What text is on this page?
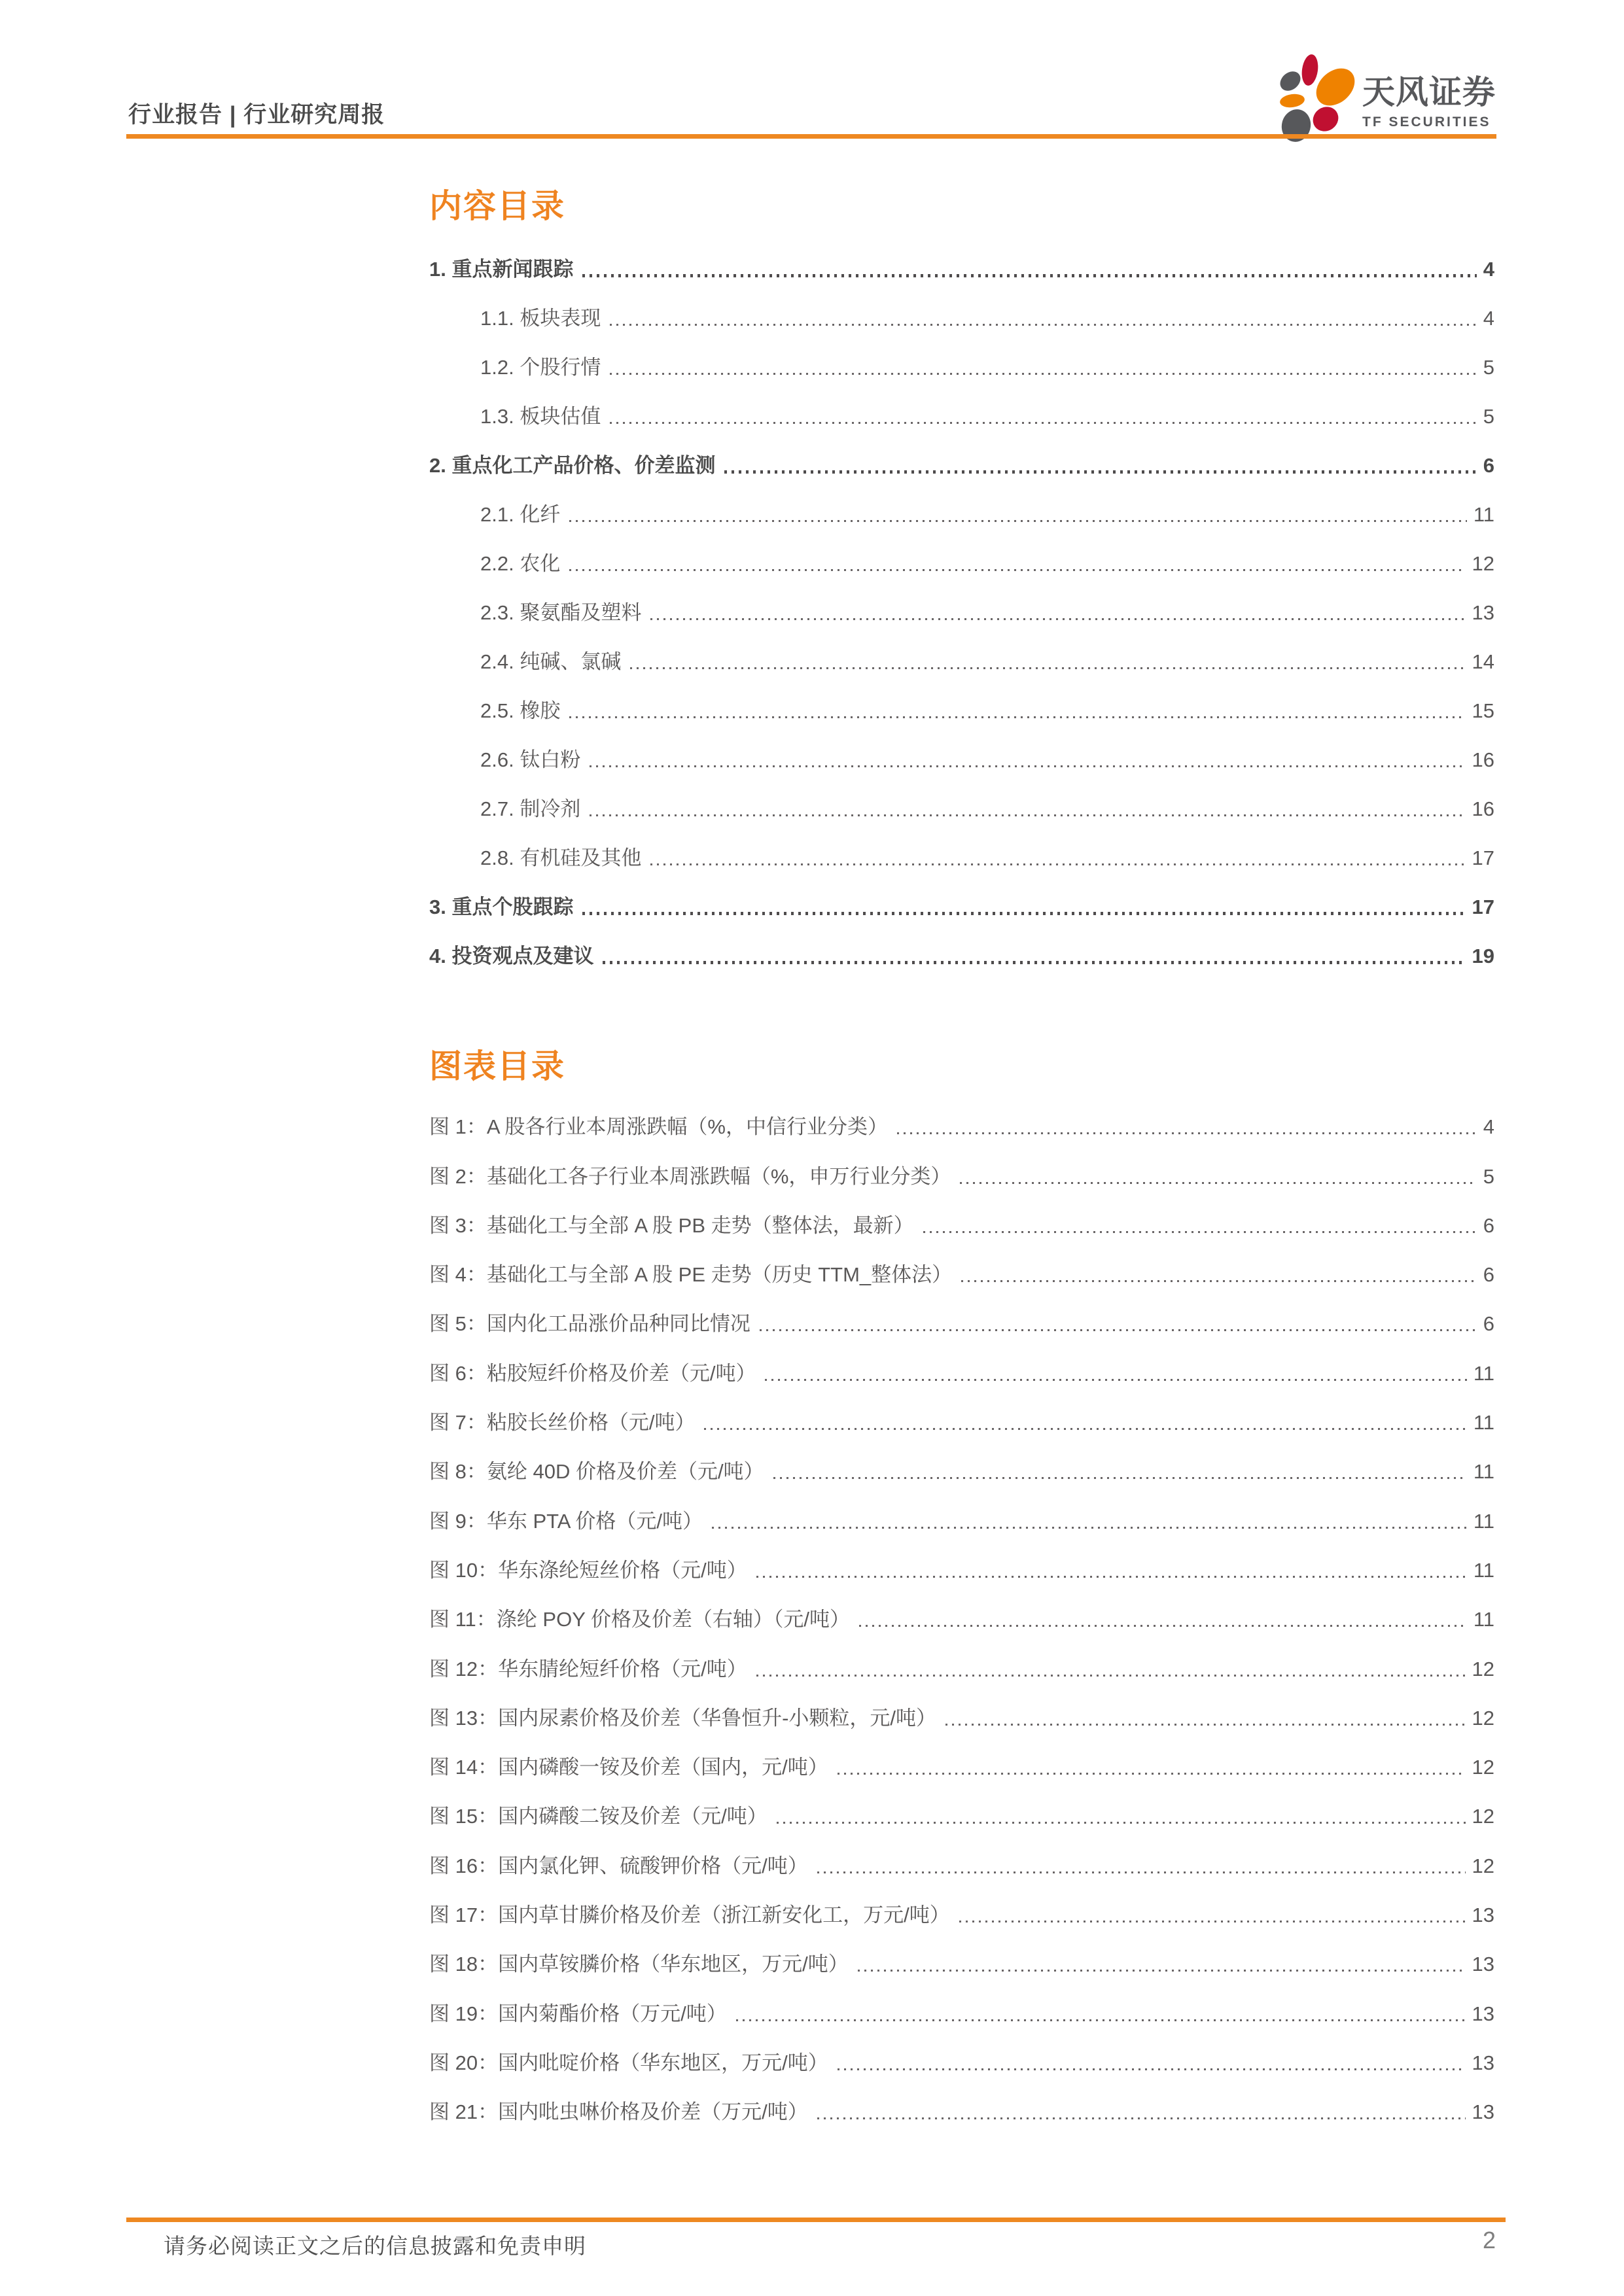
行业报告 | 行业研究周报
天风证券
TF SECURITIES
内容目录
1. 重点新闻跟踪	4
1.1. 板块表现	4
1.2. 个股行情	5
1.3. 板块估值	5
2. 重点化工产品价格、价差监测	6
2.1. 化纤	11
2.2. 农化	12
2.3. 聚氨酯及塑料	13
2.4. 纯碱、氯碱	14
2.5. 橡胶	15
2.6. 钛白粉	16
2.7. 制冷剂	16
2.8. 有机硅及其他	17
3. 重点个股跟踪	17
4. 投资观点及建议	19
图表目录
图 1：A 股各行业本周涨跌幅（%，中信行业分类）	4
图 2：基础化工各子行业本周涨跌幅（%，申万行业分类）	5
图 3：基础化工与全部 A 股 PB 走势（整体法，最新）	6
图 4：基础化工与全部 A 股 PE 走势（历史 TTM_整体法）	6
图 5：国内化工品涨价品种同比情况	6
图 6：粘胶短纤价格及价差（元/吨）	11
图 7：粘胶长丝价格（元/吨）	11
图 8：氨纶 40D 价格及价差（元/吨）	11
图 9：华东 PTA 价格（元/吨）	11
图 10：华东涤纶短丝价格（元/吨）	11
图 11：涤纶 POY 价格及价差（右轴）（元/吨）	11
图 12：华东腈纶短纤价格（元/吨）	12
图 13：国内尿素价格及价差（华鲁恒升-小颗粒，元/吨）	12
图 14：国内磷酸一铵及价差（国内，元/吨）	12
图 15：国内磷酸二铵及价差（元/吨）	12
图 16：国内氯化钾、硫酸钾价格（元/吨）	12
图 17：国内草甘膦价格及价差（浙江新安化工，万元/吨）	13
图 18：国内草铵膦价格（华东地区，万元/吨）	13
图 19：国内菊酯价格（万元/吨）	13
图 20：国内吡啶价格（华东地区，万元/吨）	13
图 21：国内吡虫啉价格及价差（万元/吨）	13
请务必阅读正文之后的信息披露和免责申明	2
